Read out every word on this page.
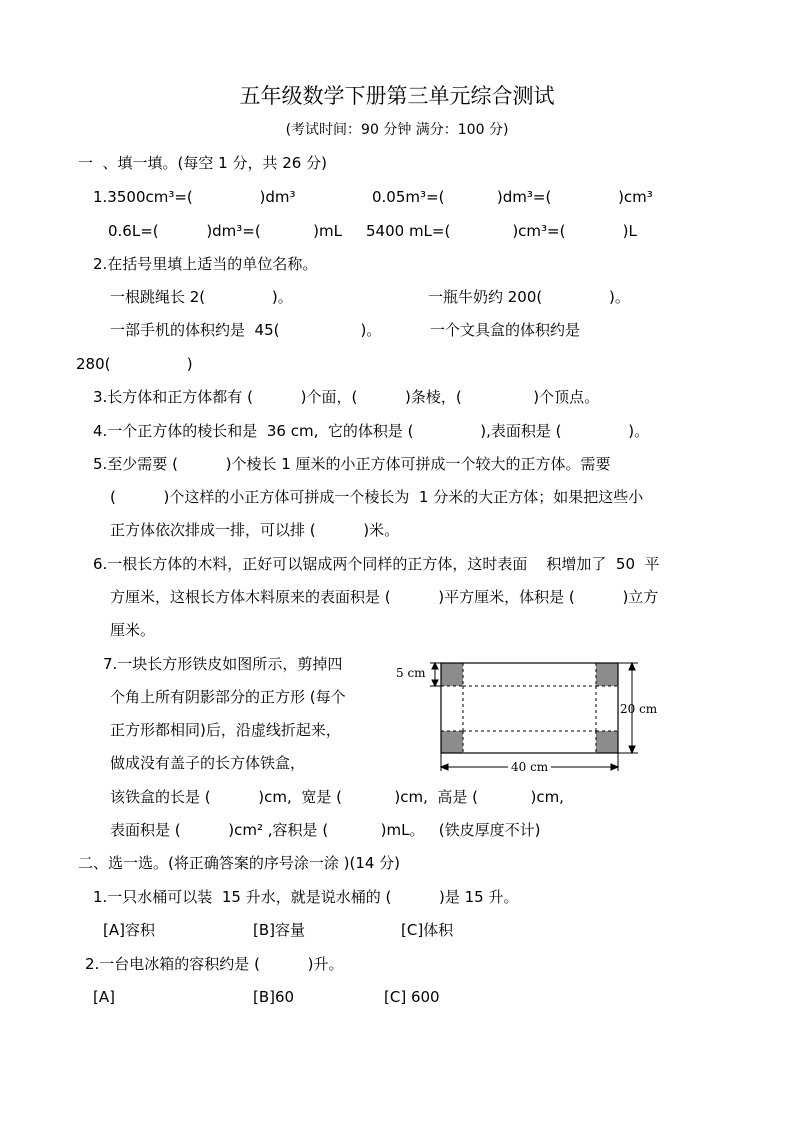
五年级数学下册第三单元综合测试
(考试时间：90 分钟 满分：100 分)
一  、填一填。(每空 1 分，共 26 分)
1.3500cm³=(              )dm³	0.05m³=(           )dm³=(              )cm³
0.6L=(          )dm³=(           )mL 5400 mL=(             )cm³=(            )L
2.在括号里填上适当的单位名称。
一根跳绳长 2(              )。	一瓶牛奶约 200(              )。
一部手机的体积约是  45(                 )。	一个文具盒的体积约是
280(                )
3.长方体和正方体都有 (          )个面，(          )条棱，(               )个顶点。
4.一个正方体的棱长和是  36 cm,  它的体积是 (              ),表面积是 (              )。
5.至少需要 (          )个棱长 1 厘米的小正方体可拼成一个较大的正方体。需要
(          )个这样的小正方体可拼成一个棱长为  1 分米的大正方体；如果把这些小
正方体依次排成一排，可以排 (          )米。
6.一根长方体的木料，正好可以锯成两个同样的正方体，这时表面    积增加了  50  平
方厘米，这根长方体木料原来的表面积是 (          )平方厘米，体积是 (          )立方
厘米。
7.一块长方形铁皮如图所示，剪掉四
个角上所有阴影部分的正方形 (每个
正方形都相同)后，沿虚线折起来，
做成没有盖子的长方体铁盒，
该铁盒的长是 (          )cm,  宽是 (           )cm,  高是 (           )cm,
表面积是 (          )cm² ,容积是 (           )mL。   (铁皮厚度不计)
5 cm
20 cm
40 cm
二、选一选。(将正确答案的序号涂一涂 )(14 分)
1.一只水桶可以装  15 升水，就是说水桶的 (          )是 15 升。
[A]容积	[B]容量	[C]体积
2.一台电冰箱的容积约是 (          )升。
[A]	[B]60	[C] 600
